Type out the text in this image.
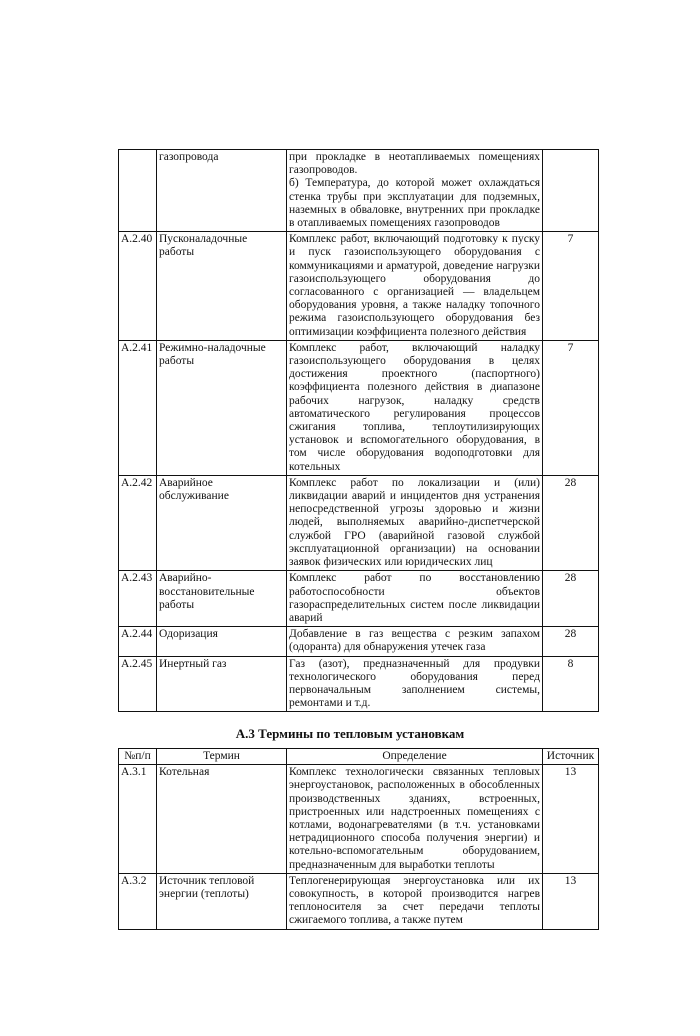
	газопровода	при прокладке в неотапливаемых помещениях газопроводов.
б) Температура, до которой может охлаждаться стенка трубы при эксплуатации для подземных, наземных в обваловке, внутренних при прокладке в отапливаемых помещениях газопроводов	
А.2.40	Пусконаладочные работы	Комплекс работ, включающий подготовку к пуску и пуск газоиспользующего оборудования с коммуникациями и арматурой, доведение нагрузки газоиспользующего оборудования до согласованного с организацией — владельцем оборудования уровня, а также наладку топочного режима газоиспользующего оборудования без оптимизации коэффициента полезного действия	7
А.2.41	Режимно-наладочные работы	Комплекс работ, включающий наладку газоиспользующего оборудования в целях достижения проектного (паспортного) коэффициента полезного действия в диапазоне рабочих нагрузок, наладку средств автоматического регулирования процессов сжигания топлива, теплоутилизирующих установок и вспомогательного оборудования, в том числе оборудования водоподготовки для котельных	7
А.2.42	Аварийное обслуживание	Комплекс работ по локализации и (или) ликвидации аварий и инцидентов дня устранения непосредственной угрозы здоровью и жизни людей, выполняемых аварийно-диспетчерской службой ГРО (аварийной газовой службой эксплуатационной организации) на основании заявок физических или юридических лиц	28
А.2.43	Аварийно-восстановительные работы	Комплекс работ по восстановлению работоспособности объектов газораспределительных систем после ликвидации аварий	28
А.2.44	Одоризация	Добавление в газ вещества с резким запахом (одоранта) для обнаружения утечек газа	28
А.2.45	Инертный газ	Газ (азот), предназначенный для продувки технологического оборудования перед первоначальным заполнением системы, ремонтами и т.д.	8
А.3 Термины по тепловым установкам
№п/п	Термин	Определение	Источник
А.3.1	Котельная	Комплекс технологически связанных тепловых энергоустановок, расположенных в обособленных производственных зданиях, встроенных, пристроенных или надстроенных помещениях с котлами, водонагревателями (в т.ч. установками нетрадиционного способа получения энергии) и котельно-вспомогательным оборудованием, предназначенным для выработки теплоты	13
А.3.2	Источник тепловой энергии (теплоты)	Теплогенерирующая энергоустановка или их совокупность, в которой производится нагрев теплоносителя за счет передачи теплоты сжигаемого топлива, а также путем	13
